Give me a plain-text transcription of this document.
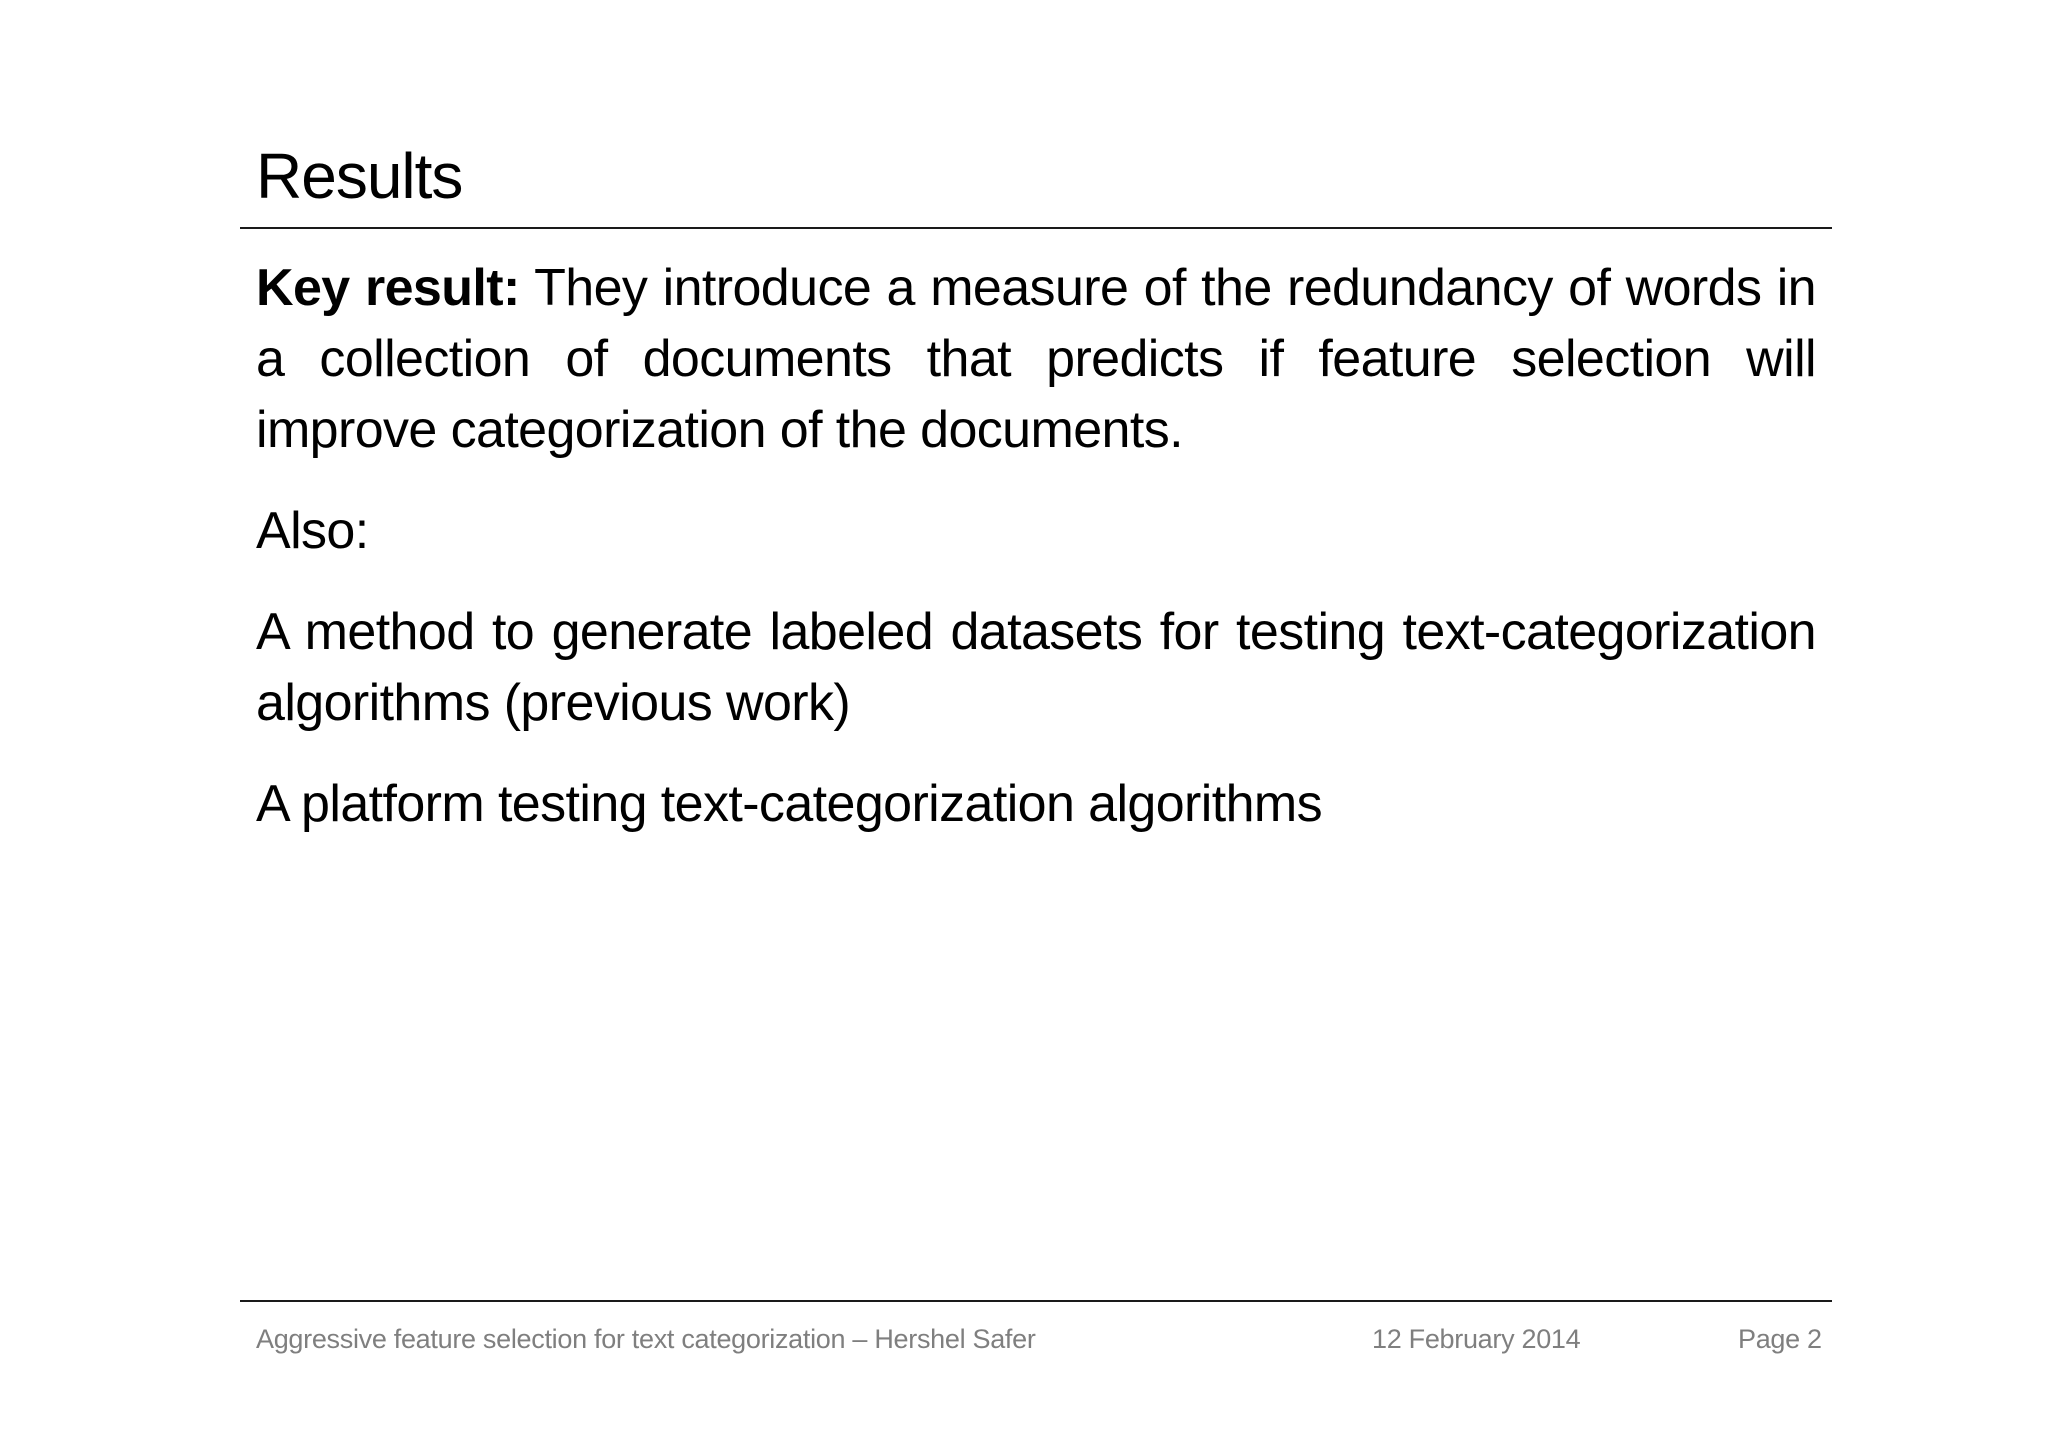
Results

Key result: They introduce a measure of the redundancy of words in a collection of documents that predicts if feature selection will improve categorization of the documents.

Also:

A method to generate labeled datasets for testing text-categorization algorithms (previous work)

A platform testing text-categorization algorithms

Aggressive feature selection for text categorization – Hershel Safer	12 February 2014	Page 2
